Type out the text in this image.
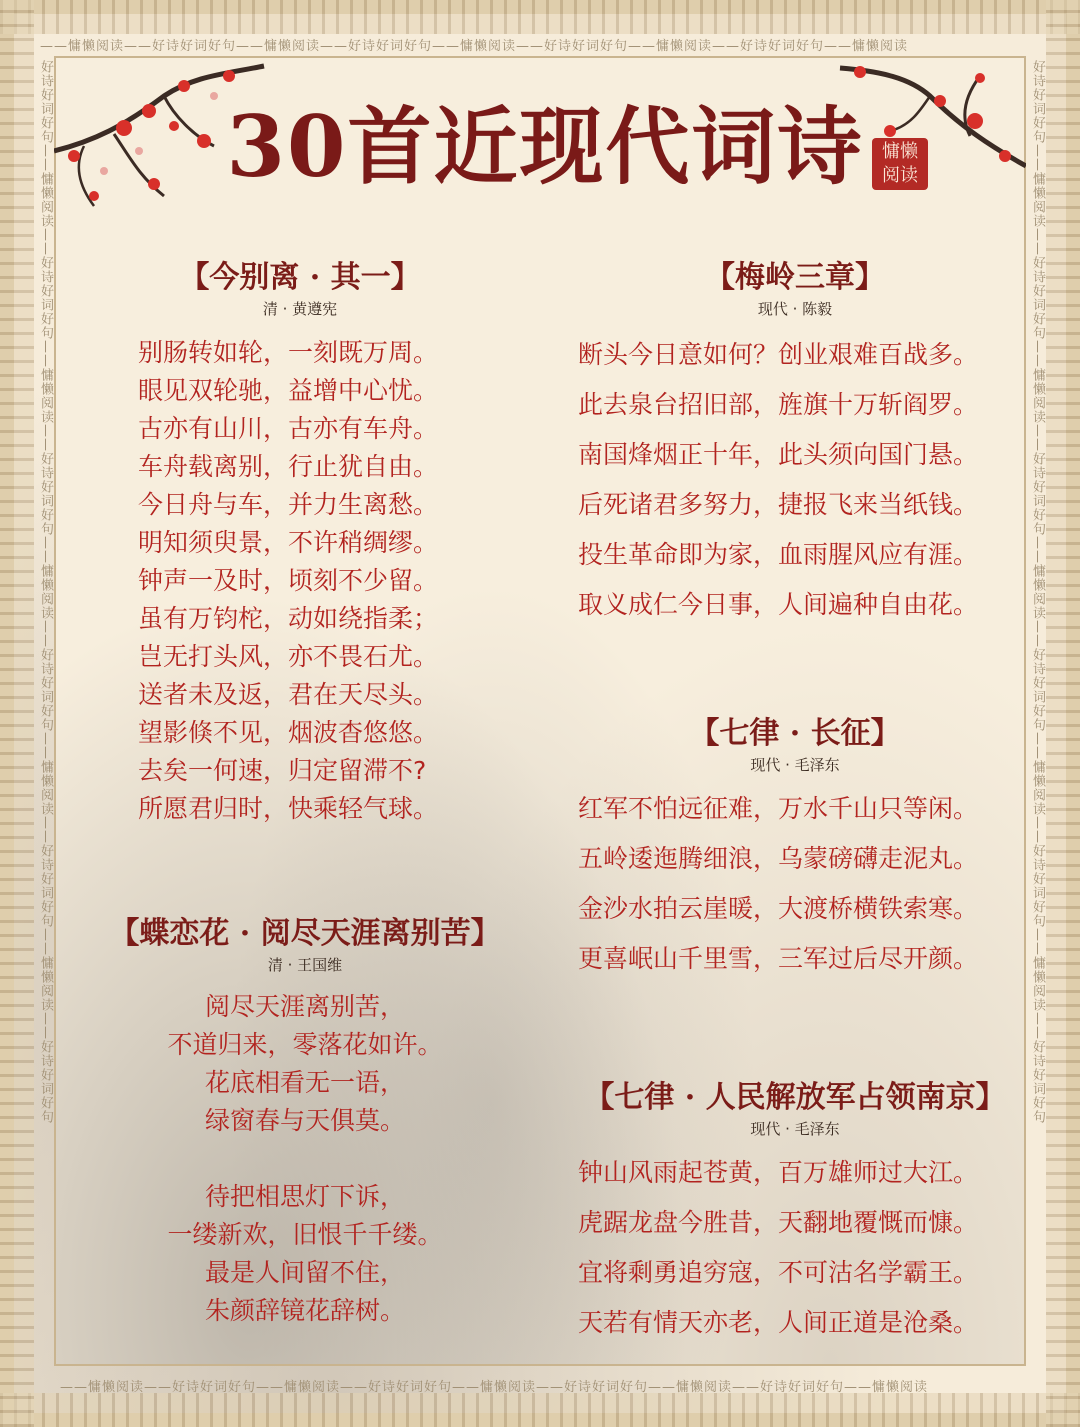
——慵懒阅读——好诗好词好句——慵懒阅读——好诗好词好句——慵懒阅读——好诗好词好句——慵懒阅读——好诗好词好句——慵懒阅读
——慵懒阅读——好诗好词好句——慵懒阅读——好诗好词好句——慵懒阅读——好诗好词好句——慵懒阅读——好诗好词好句——慵懒阅读
好诗好词好句——慵懒阅读——好诗好词好句——慵懒阅读——好诗好词好句——慵懒阅读——好诗好词好句——慵懒阅读——好诗好词好句——慵懒阅读——好诗好词好句	好诗好词好句——慵懒阅读——好诗好词好句——慵懒阅读——好诗好词好句——慵懒阅读——好诗好词好句——慵懒阅读——好诗好词好句——慵懒阅读——好诗好词好句
30首近现代词诗	慵懒
阅读
【今别离 · 其一】
清 · 黄遵宪
别肠转如轮，一刻既万周。
眼见双轮驰，益增中心忧。
古亦有山川，古亦有车舟。
车舟载离别，行止犹自由。
今日舟与车，并力生离愁。
明知须臾景，不许稍绸缪。
钟声一及时，顷刻不少留。
虽有万钧柁，动如绕指柔；
岂无打头风，亦不畏石尤。
送者未及返，君在天尽头。
望影倏不见，烟波杳悠悠。
去矣一何速，归定留滞不?
所愿君归时，快乘轻气球。
【蝶恋花 · 阅尽天涯离别苦】
清 · 王国维
阅尽天涯离别苦，
不道归来，零落花如许。
花底相看无一语，
绿窗春与天俱莫。
待把相思灯下诉，
一缕新欢，旧恨千千缕。
最是人间留不住，
朱颜辞镜花辞树。
【梅岭三章】
现代 · 陈毅
断头今日意如何？创业艰难百战多。
此去泉台招旧部，旌旗十万斩阎罗。
南国烽烟正十年，此头须向国门悬。
后死诸君多努力，捷报飞来当纸钱。
投生革命即为家，血雨腥风应有涯。
取义成仁今日事，人间遍种自由花。
【七律 · 长征】
现代 · 毛泽东
红军不怕远征难，万水千山只等闲。
五岭逶迤腾细浪，乌蒙磅礴走泥丸。
金沙水拍云崖暖，大渡桥横铁索寒。
更喜岷山千里雪，三军过后尽开颜。
【七律 · 人民解放军占领南京】
现代 · 毛泽东
钟山风雨起苍黄，百万雄师过大江。
虎踞龙盘今胜昔，天翻地覆慨而慷。
宜将剩勇追穷寇，不可沽名学霸王。
天若有情天亦老，人间正道是沧桑。
